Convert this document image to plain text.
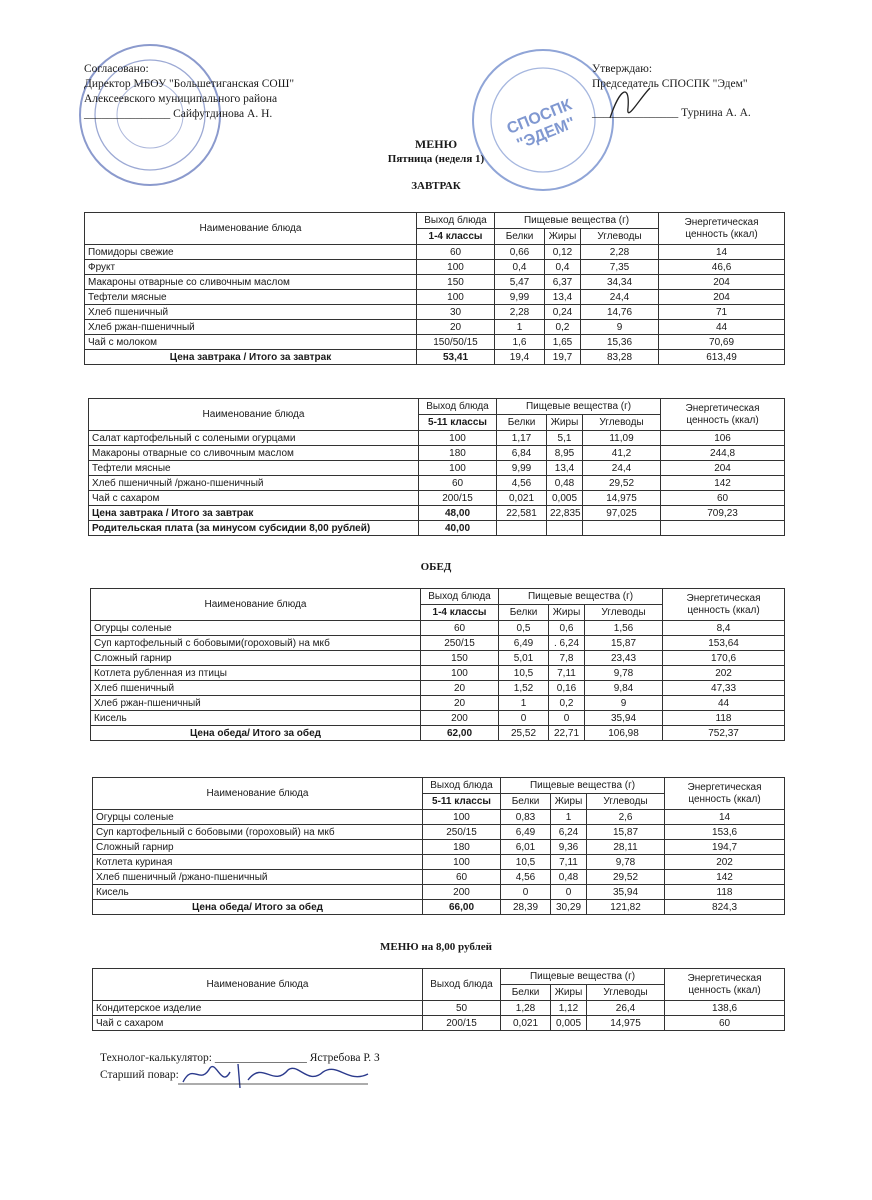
СПОСПК "ЭДЕМ"
Согласовано:
Директор МБОУ "Большетиганская СОШ"
Алексеевского муниципального района
_______________ Сайфутдинова А. Н.
Утверждаю:
Председатель СПОСПК "Эдем"
_______________ Турнина А. А.
МЕНЮ
Пятница (неделя 1)
ЗАВТРАК
Наименование блюда	Выход блюда	Пищевые вещества (г)			Энергетическая
ценность (ккал)
	1-4 классы	Белки	Жиры	Углеводы	
Помидоры свежие	60	0,66	0,12	2,28	14
Фрукт	100	0,4	0,4	7,35	46,6
Макароны отварные со сливочным маслом	150	5,47	6,37	34,34	204
Тефтели мясные	100	9,99	13,4	24,4	204
Хлеб пшеничный	30	2,28	0,24	14,76	71
Хлеб ржан-пшеничный	20	1	0,2	9	44
Чай с молоком	150/50/15	1,6	1,65	15,36	70,69
Цена завтрака / Итого за завтрак	53,41	19,4	19,7	83,28	613,49
Наименование блюда	Выход блюда	Пищевые вещества (г)			Энергетическая
ценность (ккал)
	5-11 классы	Белки	Жиры	Углеводы	
Салат картофельный с солеными огурцами	100	1,17	5,1	11,09	106
Макароны отварные со сливочным маслом	180	6,84	8,95	41,2	244,8
Тефтели мясные	100	9,99	13,4	24,4	204
Хлеб пшеничный /ржано-пшеничный	60	4,56	0,48	29,52	142
Чай с сахаром	200/15	0,021	0,005	14,975	60
Цена завтрака / Итого за завтрак	48,00	22,581	22,835	97,025	709,23
Родительская плата (за минусом субсидии 8,00 рублей)	40,00				
ОБЕД
Наименование блюда	Выход блюда	Пищевые вещества (г)			Энергетическая
ценность (ккал)
	1-4 классы	Белки	Жиры	Углеводы	
Огурцы соленые	60	0,5	0,6	1,56	8,4
Суп картофельный с бобовыми(гороховый) на мкб	250/15	6,49	. 6,24	15,87	153,64
Сложный гарнир	150	5,01	7,8	23,43	170,6
Котлета рубленная из птицы	100	10,5	7,11	9,78	202
Хлеб пшеничный	20	1,52	0,16	9,84	47,33
Хлеб ржан-пшеничный	20	1	0,2	9	44
Кисель	200	0	0	35,94	118
Цена обеда/ Итого за обед	62,00	25,52	22,71	106,98	752,37
Наименование блюда	Выход блюда	Пищевые вещества (г)			Энергетическая
ценность (ккал)
	5-11 классы	Белки	Жиры	Углеводы	
Огурцы соленые	100	0,83	1	2,6	14
Суп картофельный с бобовыми (гороховый) на мкб	250/15	6,49	6,24	15,87	153,6
Сложный гарнир	180	6,01	9,36	28,11	194,7
Котлета куриная	100	10,5	7,11	9,78	202
Хлеб пшеничный /ржано-пшеничный	60	4,56	0,48	29,52	142
Кисель	200	0	0	35,94	118
Цена обеда/ Итого за обед	66,00	28,39	30,29	121,82	824,3
МЕНЮ на 8,00 рублей
Наименование блюда	Выход блюда	Пищевые вещества (г)			Энергетическая
ценность (ккал)
		Белки	Жиры	Углеводы	
Кондитерское изделие	50	1,28	1,12	26,4	138,6
Чай с сахаром	200/15	0,021	0,005	14,975	60
Технолог-калькулятор: ________________ Ястребова Р. З
Старший повар:
